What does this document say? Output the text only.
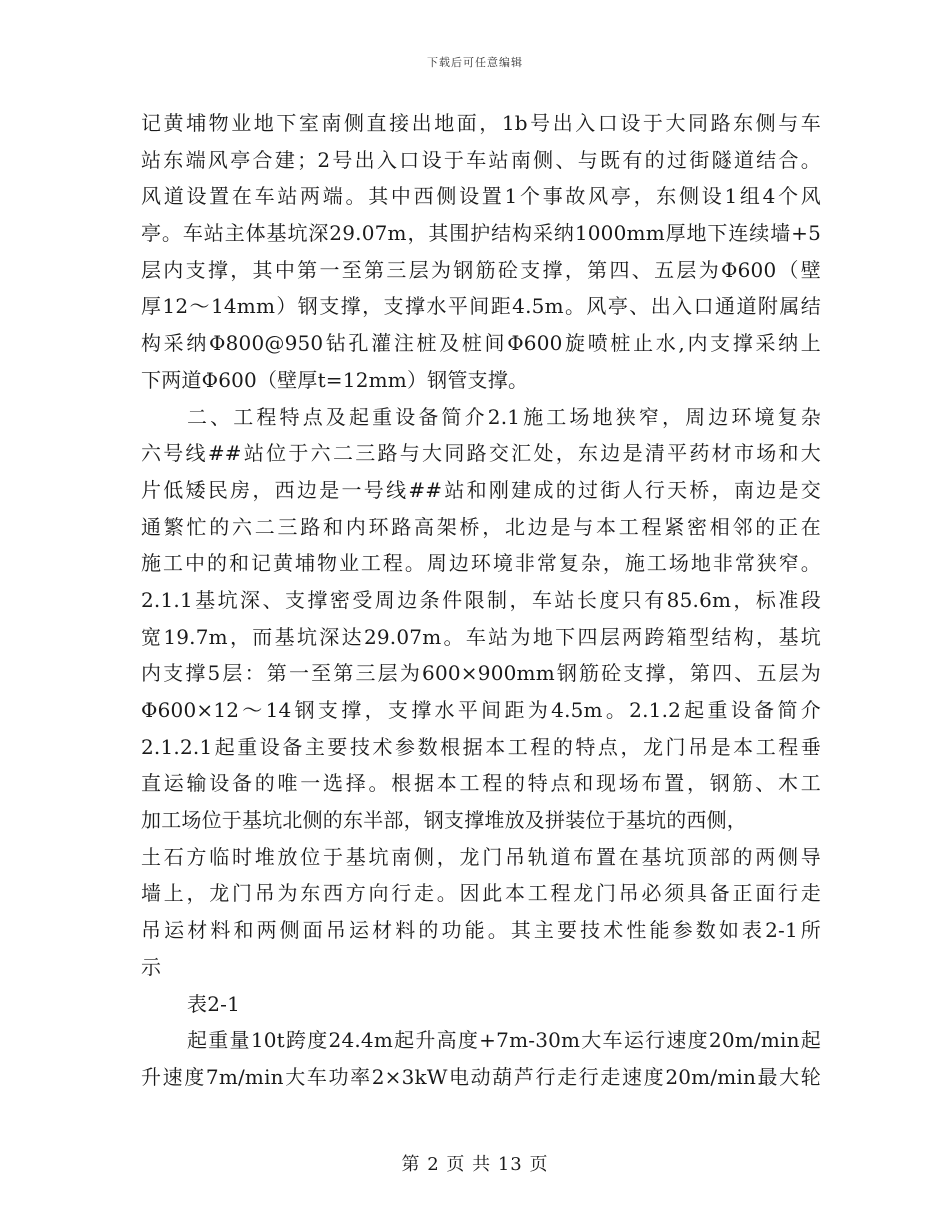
下载后可任意编辑
记黄埔物业地下室南侧直接出地面，1b号出入口设于大同路东侧与车
站东端风亭合建；2号出入口设于车站南侧、与既有的过街隧道结合。
风道设置在车站两端。其中西侧设置1个事故风亭，东侧设1组4个风
亭。车站主体基坑深29.07m，其围护结构采纳1000mm厚地下连续墙+5
层内支撑，其中第一至第三层为钢筋砼支撑，第四、五层为Φ600（壁
厚12～14mm）钢支撑，支撑水平间距4.5m。风亭、出入口通道附属结
构采纳Φ800@950钻孔灌注桩及桩间Φ600旋喷桩止水,内支撑采纳上
下两道Φ600（壁厚t=12mm）钢管支撑。
二、工程特点及起重设备简介2.1施工场地狭窄，周边环境复杂
六号线##站位于六二三路与大同路交汇处，东边是清平药材市场和大
片低矮民房，西边是一号线##站和刚建成的过街人行天桥，南边是交
通繁忙的六二三路和内环路高架桥，北边是与本工程紧密相邻的正在
施工中的和记黄埔物业工程。周边环境非常复杂，施工场地非常狭窄。
2.1.1基坑深、支撑密受周边条件限制，车站长度只有85.6m，标准段
宽19.7m，而基坑深达29.07m。车站为地下四层两跨箱型结构，基坑
内支撑5层：第一至第三层为600×900mm钢筋砼支撑，第四、五层为
Φ600×12～14钢支撑，支撑水平间距为4.5m。2.1.2起重设备简介
2.1.2.1起重设备主要技术参数根据本工程的特点，龙门吊是本工程垂
直运输设备的唯一选择。根据本工程的特点和现场布置，钢筋、木工
加工场位于基坑北侧的东半部，钢支撑堆放及拼装位于基坑的西侧，
土石方临时堆放位于基坑南侧，龙门吊轨道布置在基坑顶部的两侧导
墙上，龙门吊为东西方向行走。因此本工程龙门吊必须具备正面行走
吊运材料和两侧面吊运材料的功能。其主要技术性能参数如表2-1所
示
表2-1
起重量10t跨度24.4m起升高度+7m-30m大车运行速度20m/min起
升速度7m/min大车功率2×3kW电动葫芦行走行走速度20m/min最大轮
第 2 页 共 13 页
